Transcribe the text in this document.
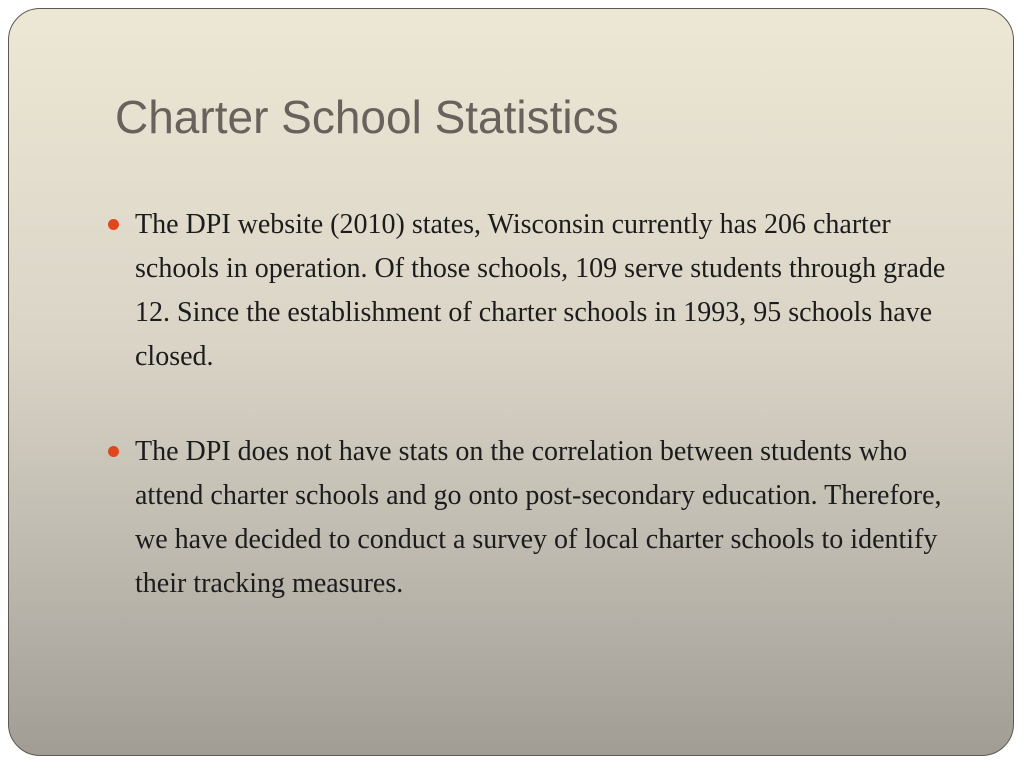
Charter School Statistics
The DPI website (2010) states, Wisconsin currently has 206 charter schools in operation. Of those schools, 109 serve students through grade 12. Since the establishment of charter schools in 1993, 95 schools have closed.
The DPI does not have stats on the correlation between students who attend charter schools and go onto post-secondary education. Therefore, we have decided to conduct a survey of local charter schools to identify their tracking measures.
